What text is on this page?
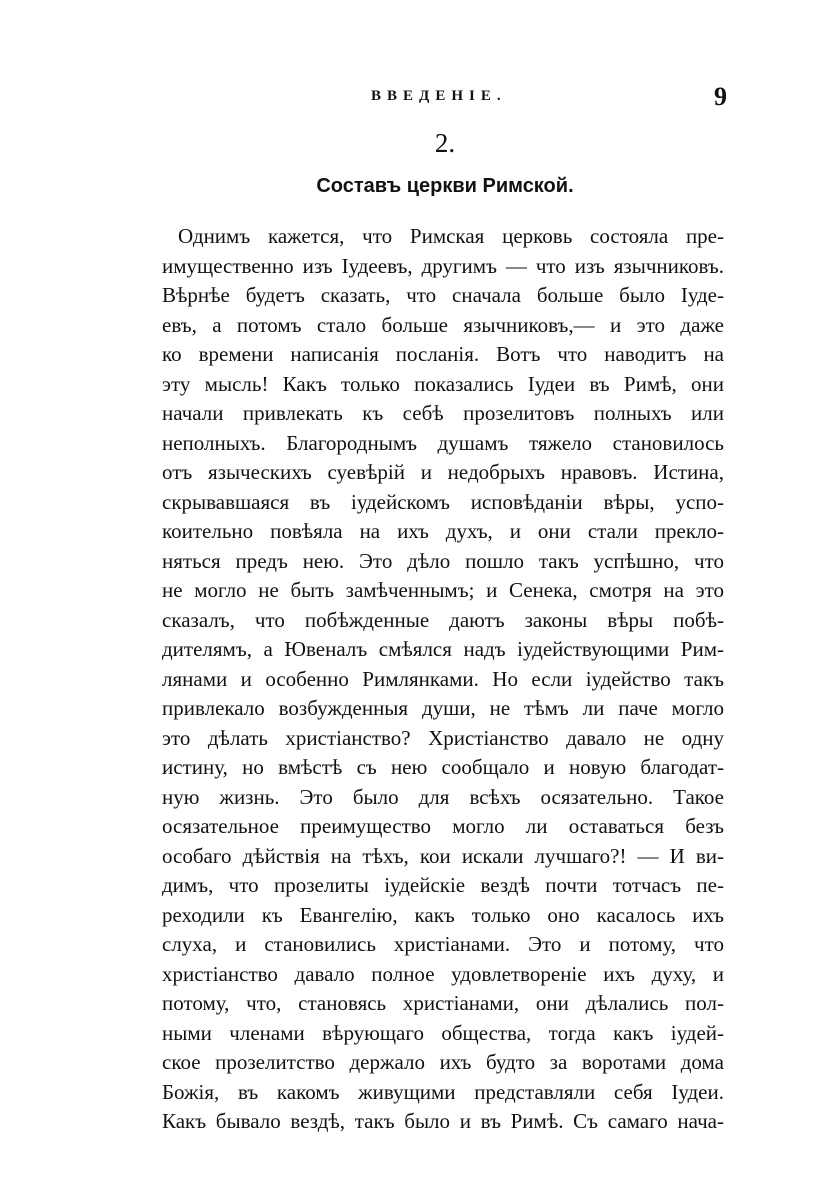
ВВЕДЕНІЕ.	9

2.

Составъ церкви Римской.
Однимъ кажется, что Римская церковь состояла пре-
имущественно изъ Іудеевъ, другимъ — что изъ язычниковъ.
Вѣрнѣе будетъ сказать, что сначала больше было Іуде-
евъ, а потомъ стало больше язычниковъ,— и это даже
ко времени написанія посланія. Вотъ что наводитъ на
эту мысль! Какъ только показались Іудеи въ Римѣ, они
начали привлекать къ себѣ прозелитовъ полныхъ или
неполныхъ. Благороднымъ душамъ тяжело становилось
отъ языческихъ суевѣрій и недобрыхъ нравовъ. Истина,
скрывавшаяся въ іудейскомъ исповѣданіи вѣры, успо-
коительно повѣяла на ихъ духъ, и они стали прекло-
няться предъ нею. Это дѣло пошло такъ успѣшно, что
не могло не быть замѣченнымъ; и Сенека, смотря на это
сказалъ, что побѣжденные даютъ законы вѣры побѣ-
дителямъ, а Ювеналъ смѣялся надъ іудействующими Рим-
лянами и особенно Римлянками. Но если іудейство такъ
привлекало возбужденныя души, не тѣмъ ли паче могло
это дѣлать христіанство? Христіанство давало не одну
истину, но вмѣстѣ съ нею сообщало и новую благодат-
ную жизнь. Это было для всѣхъ осязательно. Такое
осязательное преимущество могло ли оставаться безъ
особаго дѣйствія на тѣхъ, кои искали лучшаго?! — И ви-
димъ, что прозелиты іудейскіе вездѣ почти тотчасъ пе-
реходили къ Евангелію, какъ только оно касалось ихъ
слуха, и становились христіанами. Это и потому, что
христіанство давало полное удовлетвореніе ихъ духу, и
потому, что, становясь христіанами, они дѣлались пол-
ными членами вѣрующаго общества, тогда какъ іудей-
ское прозелитство держало ихъ будто за воротами дома
Божія, въ какомъ живущими представляли себя Іудеи.
Какъ бывало вездѣ, такъ было и въ Римѣ. Съ самаго нача-
